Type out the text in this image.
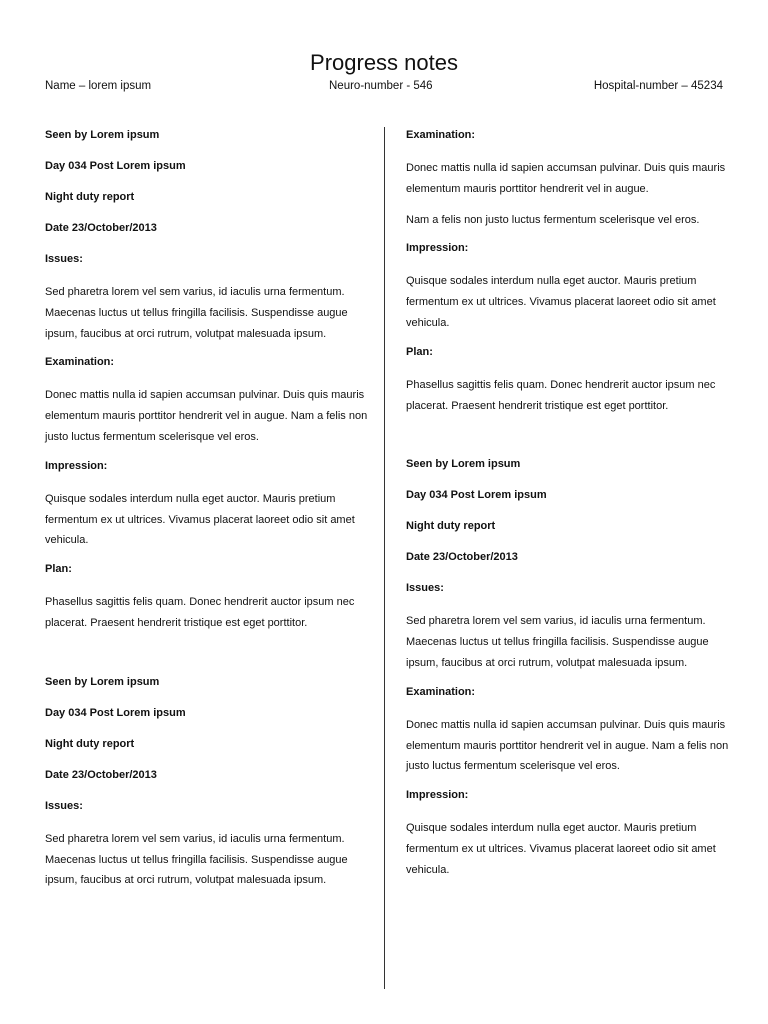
Progress notes
Name – lorem ipsum	Neuro-number - 546	Hospital-number – 45234
Seen by Lorem ipsum
Day 034 Post Lorem ipsum
Night duty report
Date 23/October/2013
Issues:
Sed pharetra lorem vel sem varius, id iaculis urna fermentum. Maecenas luctus ut tellus fringilla facilisis. Suspendisse augue ipsum, faucibus at orci rutrum, volutpat malesuada ipsum.
Examination:
Donec mattis nulla id sapien accumsan pulvinar. Duis quis mauris elementum mauris porttitor hendrerit vel in augue. Nam a felis non justo luctus fermentum scelerisque vel eros.
Impression:
Quisque sodales interdum nulla eget auctor. Mauris pretium fermentum ex ut ultrices. Vivamus placerat laoreet odio sit amet vehicula.
Plan:
Phasellus sagittis felis quam. Donec hendrerit auctor ipsum nec placerat. Praesent hendrerit tristique est eget porttitor.
Seen by Lorem ipsum
Day 034 Post Lorem ipsum
Night duty report
Date 23/October/2013
Issues:
Sed pharetra lorem vel sem varius, id iaculis urna fermentum. Maecenas luctus ut tellus fringilla facilisis. Suspendisse augue ipsum, faucibus at orci rutrum, volutpat malesuada ipsum.
Examination:
Donec mattis nulla id sapien accumsan pulvinar. Duis quis mauris elementum mauris porttitor hendrerit vel in augue.
Nam a felis non justo luctus fermentum scelerisque vel eros.
Impression:
Quisque sodales interdum nulla eget auctor. Mauris pretium fermentum ex ut ultrices. Vivamus placerat laoreet odio sit amet vehicula.
Plan:
Phasellus sagittis felis quam. Donec hendrerit auctor ipsum nec placerat. Praesent hendrerit tristique est eget porttitor.
Seen by Lorem ipsum
Day 034 Post Lorem ipsum
Night duty report
Date 23/October/2013
Issues:
Sed pharetra lorem vel sem varius, id iaculis urna fermentum. Maecenas luctus ut tellus fringilla facilisis. Suspendisse augue ipsum, faucibus at orci rutrum, volutpat malesuada ipsum.
Examination:
Donec mattis nulla id sapien accumsan pulvinar. Duis quis mauris elementum mauris porttitor hendrerit vel in augue. Nam a felis non justo luctus fermentum scelerisque vel eros.
Impression:
Quisque sodales interdum nulla eget auctor. Mauris pretium fermentum ex ut ultrices. Vivamus placerat laoreet odio sit amet vehicula.
